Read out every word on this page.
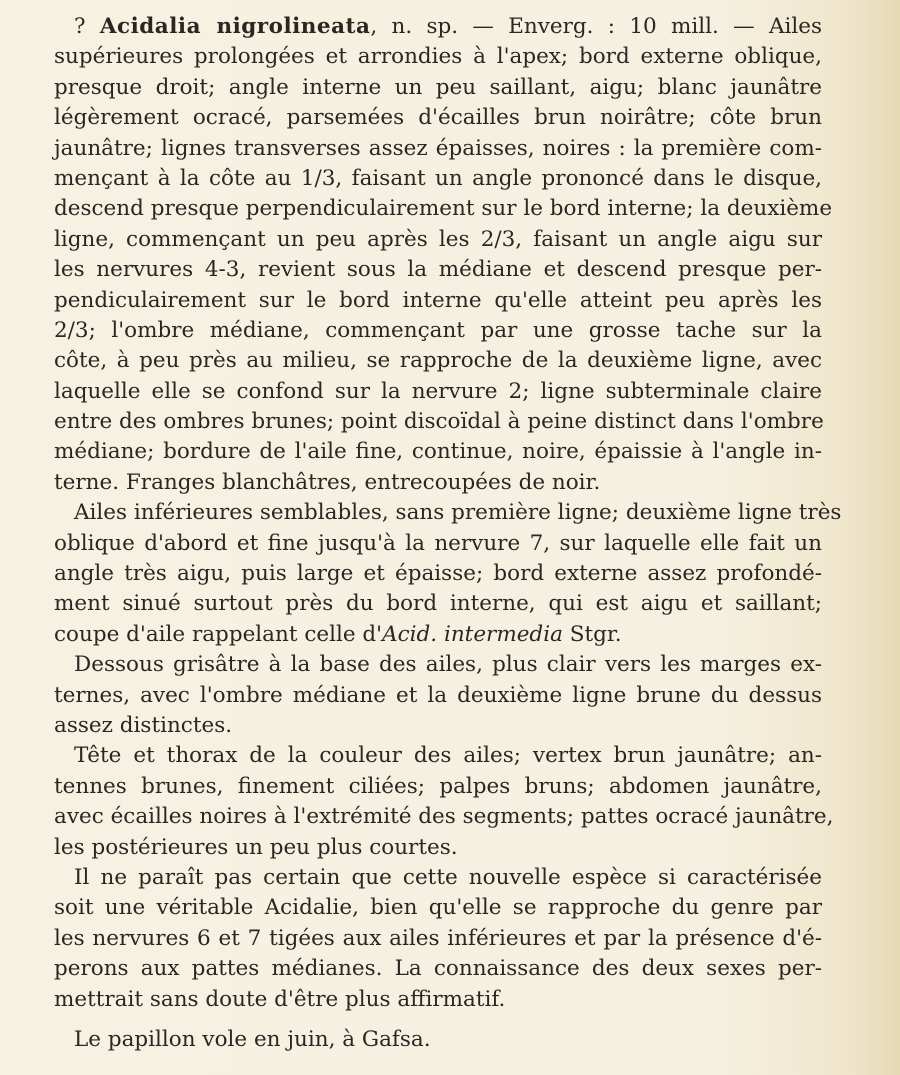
? Acidalia nigrolineata, n. sp. — Enverg. : 10 mill. — Ailes
supérieures prolongées et arrondies à l'apex; bord externe oblique,
presque droit; angle interne un peu saillant, aigu; blanc jaunâtre
légèrement ocracé, parsemées d'écailles brun noirâtre; côte brun
jaunâtre; lignes transverses assez épaisses, noires : la première com-
mençant à la côte au 1/3, faisant un angle prononcé dans le disque,
descend presque perpendiculairement sur le bord interne; la deuxième
ligne, commençant un peu après les 2/3, faisant un angle aigu sur
les nervures 4-3, revient sous la médiane et descend presque per-
pendiculairement sur le bord interne qu'elle atteint peu après les
2/3; l'ombre médiane, commençant par une grosse tache sur la
côte, à peu près au milieu, se rapproche de la deuxième ligne, avec
laquelle elle se confond sur la nervure 2; ligne subterminale claire
entre des ombres brunes; point discoïdal à peine distinct dans l'ombre
médiane; bordure de l'aile fine, continue, noire, épaissie à l'angle in-
terne. Franges blanchâtres, entrecoupées de noir.
Ailes inférieures semblables, sans première ligne; deuxième ligne très
oblique d'abord et fine jusqu'à la nervure 7, sur laquelle elle fait un
angle très aigu, puis large et épaisse; bord externe assez profondé-
ment sinué surtout près du bord interne, qui est aigu et saillant;
coupe d'aile rappelant celle d'Acid. intermedia Stgr.
Dessous grisâtre à la base des ailes, plus clair vers les marges ex-
ternes, avec l'ombre médiane et la deuxième ligne brune du dessus
assez distinctes.
Tête et thorax de la couleur des ailes; vertex brun jaunâtre; an-
tennes brunes, finement ciliées; palpes bruns; abdomen jaunâtre,
avec écailles noires à l'extrémité des segments; pattes ocracé jaunâtre,
les postérieures un peu plus courtes.
Il ne paraît pas certain que cette nouvelle espèce si caractérisée
soit une véritable Acidalie, bien qu'elle se rapproche du genre par
les nervures 6 et 7 tigées aux ailes inférieures et par la présence d'é-
perons aux pattes médianes. La connaissance des deux sexes per-
mettrait sans doute d'être plus affirmatif.
Le papillon vole en juin, à Gafsa.
